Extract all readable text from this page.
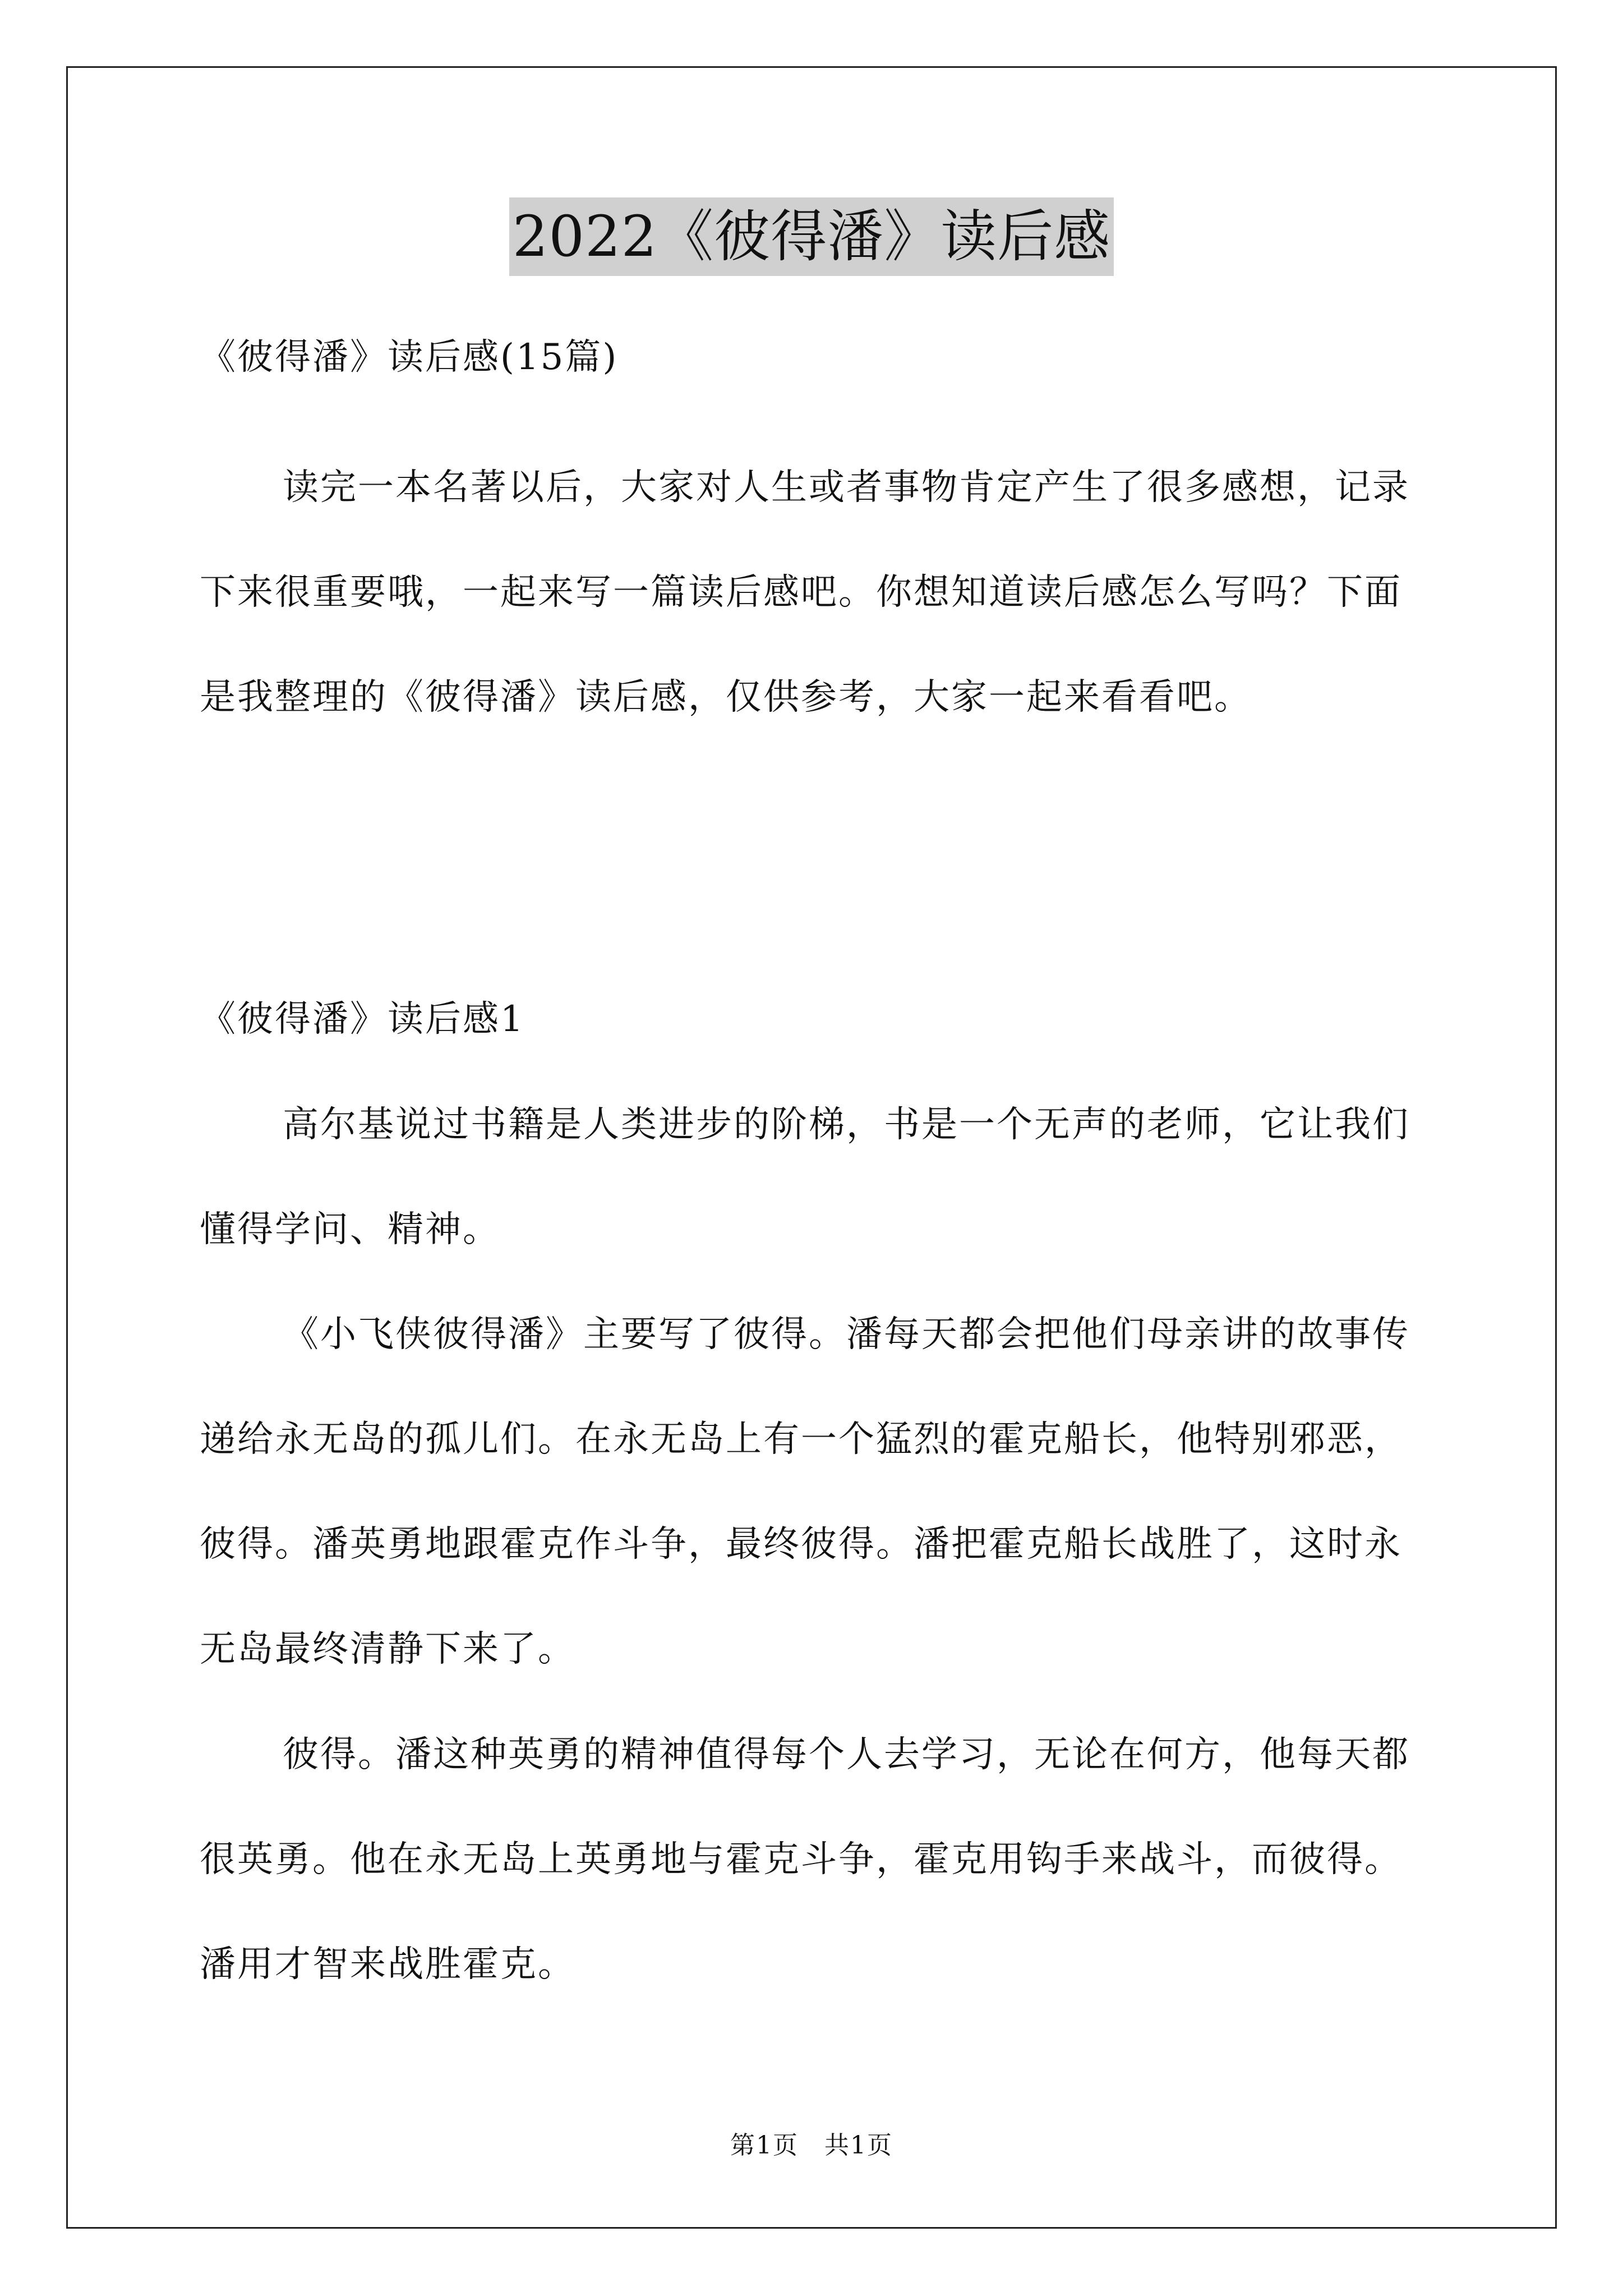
2022《彼得潘》读后感

《彼得潘》读后感(15篇)

读完一本名著以后，大家对人生或者事物肯定产生了很多感想，记录下来很重要哦，一起来写一篇读后感吧。你想知道读后感怎么写吗？下面是我整理的《彼得潘》读后感，仅供参考，大家一起来看看吧。

《彼得潘》读后感1

高尔基说过书籍是人类进步的阶梯，书是一个无声的老师，它让我们懂得学问、精神。

《小飞侠彼得潘》主要写了彼得。潘每天都会把他们母亲讲的故事传递给永无岛的孤儿们。在永无岛上有一个猛烈的霍克船长，他特别邪恶，彼得。潘英勇地跟霍克作斗争，最终彼得。潘把霍克船长战胜了，这时永无岛最终清静下来了。

彼得。潘这种英勇的精神值得每个人去学习，无论在何方，他每天都很英勇。他在永无岛上英勇地与霍克斗争，霍克用钩手来战斗，而彼得。潘用才智来战胜霍克。

第1页　共1页
